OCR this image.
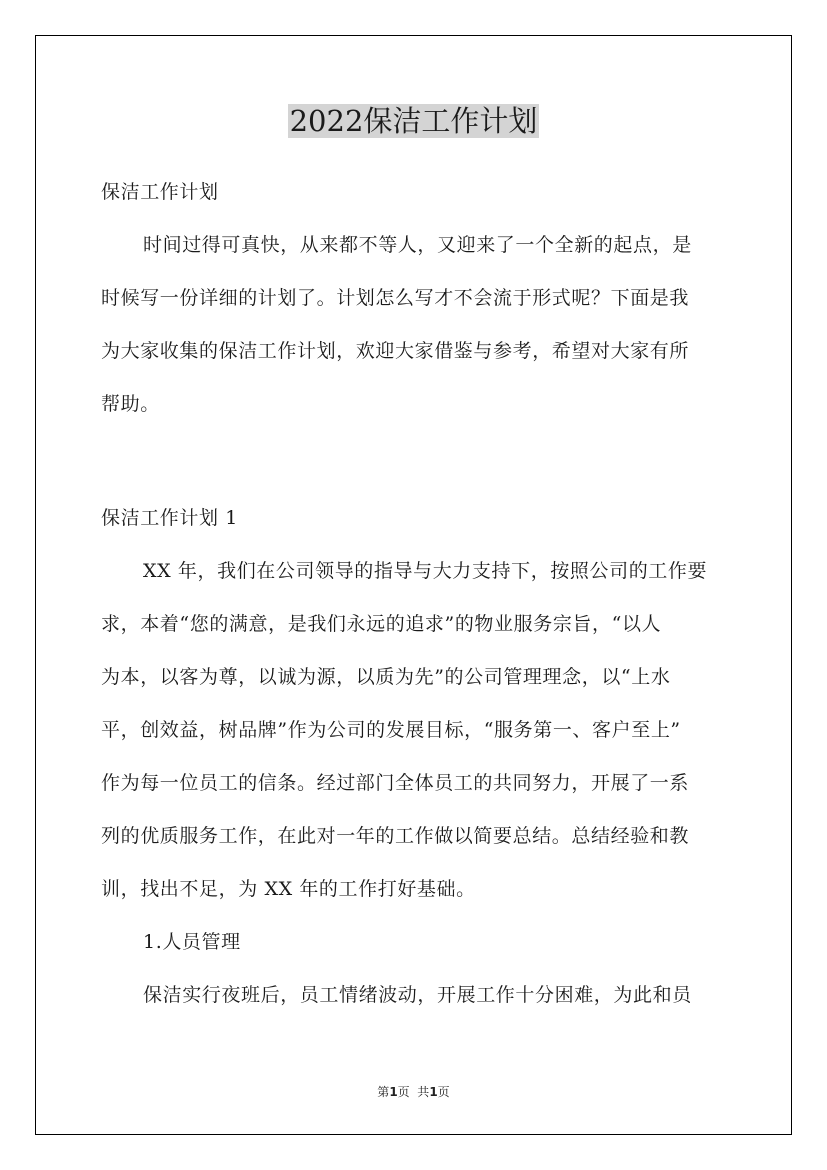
2022保洁工作计划
保洁工作计划
时间过得可真快，从来都不等人，又迎来了一个全新的起点，是
时候写一份详细的计划了。计划怎么写才不会流于形式呢？下面是我
为大家收集的保洁工作计划，欢迎大家借鉴与参考，希望对大家有所
帮助。
保洁工作计划 1
XX 年，我们在公司领导的指导与大力支持下，按照公司的工作要
求，本着“您的满意，是我们永远的追求”的物业服务宗旨，“以人
为本，以客为尊，以诚为源，以质为先”的公司管理理念，以“上水
平，创效益，树品牌”作为公司的发展目标，“服务第一、客户至上”
作为每一位员工的信条。经过部门全体员工的共同努力，开展了一系
列的优质服务工作，在此对一年的工作做以简要总结。总结经验和教
训，找出不足，为 XX 年的工作打好基础。
1.人员管理
保洁实行夜班后，员工情绪波动，开展工作十分困难，为此和员
第1页  共1页
